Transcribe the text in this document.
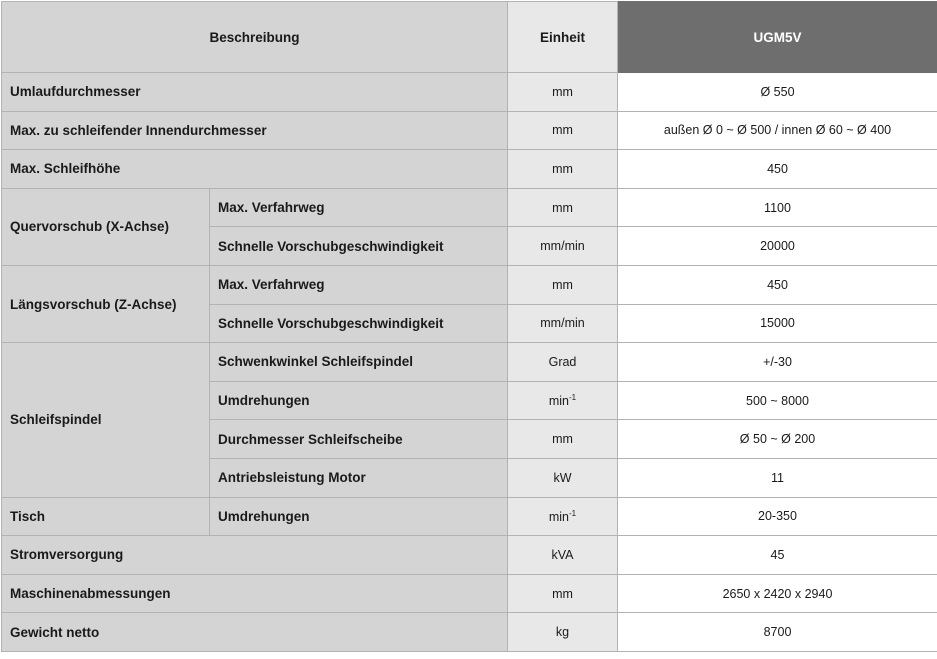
Beschreibung		Einheit	UGM5V
Umlaufdurchmesser		mm	Ø 550
Max. zu schleifender Innendurchmesser		mm	außen Ø 0 ~ Ø 500 / innen Ø 60 ~ Ø 400
Max. Schleifhöhe		mm	450
Quervorschub (X-Achse)	Max. Verfahrweg	mm	1100
	Schnelle Vorschubgeschwindigkeit	mm/min	20000
Längsvorschub (Z-Achse)	Max. Verfahrweg	mm	450
	Schnelle Vorschubgeschwindigkeit	mm/min	15000
Schleifspindel	Schwenkwinkel Schleifspindel	Grad	+/-30
	Umdrehungen	$\min^{-1}$	500 ~ 8000
	Durchmesser Schleifscheibe	mm	Ø 50 ~ Ø 200
	Antriebsleistung Motor	kW	11
Tisch	Umdrehungen	$\min^{-1}$	20-350
Stromversorgung		kVA	45
Maschinenabmessungen		mm	2650 x 2420 x 2940
Gewicht netto		kg	8700
